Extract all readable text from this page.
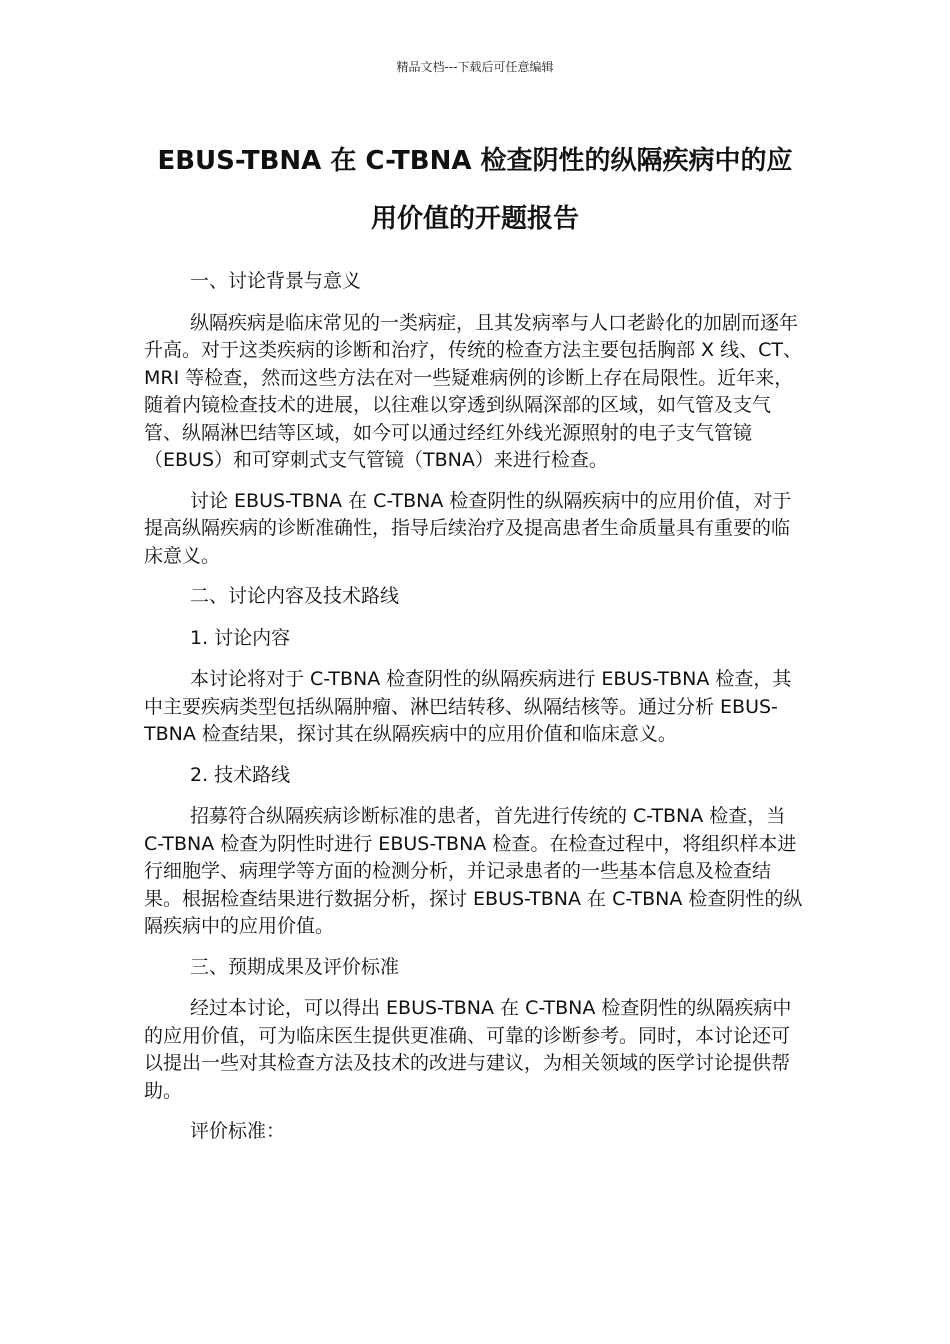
精品文档---下载后可任意编辑
EBUS-TBNA 在 C-TBNA 检查阴性的纵隔疾病中的应
用价值的开题报告

一、讨论背景与意义

纵隔疾病是临床常见的一类病症，且其发病率与人口老龄化的加剧而逐年升高。对于这类疾病的诊断和治疗，传统的检查方法主要包括胸部 X 线、CT、MRI 等检查，然而这些方法在对一些疑难病例的诊断上存在局限性。近年来，随着内镜检查技术的进展，以往难以穿透到纵隔深部的区域，如气管及支气管、纵隔淋巴结等区域，如今可以通过经红外线光源照射的电子支气管镜（EBUS）和可穿刺式支气管镜（TBNA）来进行检查。

讨论 EBUS-TBNA 在 C-TBNA 检查阴性的纵隔疾病中的应用价值，对于提高纵隔疾病的诊断准确性，指导后续治疗及提高患者生命质量具有重要的临床意义。

二、讨论内容及技术路线

1. 讨论内容

本讨论将对于 C-TBNA 检查阴性的纵隔疾病进行 EBUS-TBNA 检查，其中主要疾病类型包括纵隔肿瘤、淋巴结转移、纵隔结核等。通过分析 EBUS-TBNA 检查结果，探讨其在纵隔疾病中的应用价值和临床意义。

2. 技术路线

招募符合纵隔疾病诊断标准的患者，首先进行传统的 C-TBNA 检查，当 C-TBNA 检查为阴性时进行 EBUS-TBNA 检查。在检查过程中，将组织样本进行细胞学、病理学等方面的检测分析，并记录患者的一些基本信息及检查结果。根据检查结果进行数据分析，探讨 EBUS-TBNA 在 C-TBNA 检查阴性的纵隔疾病中的应用价值。

三、预期成果及评价标准

经过本讨论，可以得出 EBUS-TBNA 在 C-TBNA 检查阴性的纵隔疾病中的应用价值，可为临床医生提供更准确、可靠的诊断参考。同时，本讨论还可以提出一些对其检查方法及技术的改进与建议，为相关领域的医学讨论提供帮助。

评价标准：
